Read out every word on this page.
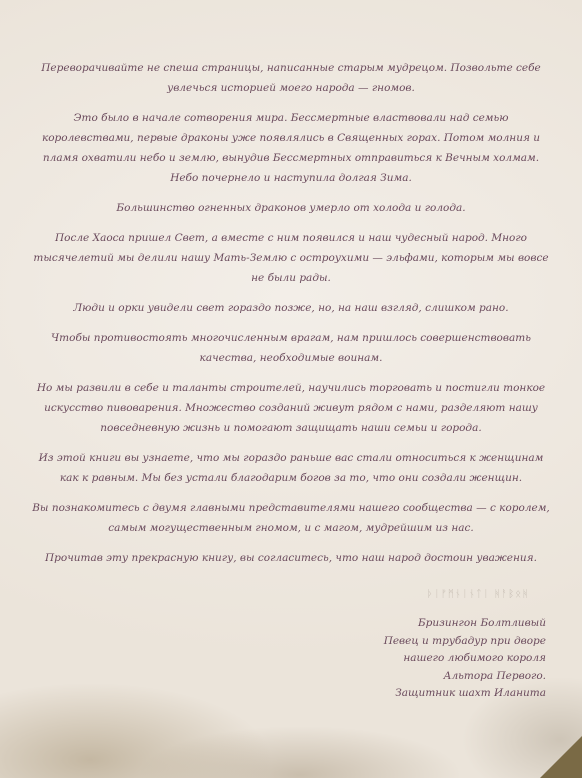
Переворачивайте не спеша страницы, написанные старым мудрецом. Позвольте себе увлечься историей моего народа — гномов.

Это было в начале сотворения мира. Бессмертные властвовали над семью королевствами, первые драконы уже появлялись в Священных горах. Потом молния и пламя охватили небо и землю, вынудив Бессмертных отправиться к Вечным холмам. Небо почернело и наступила долгая Зима.

Большинство огненных драконов умерло от холода и голода.

После Хаоса пришел Свет, а вместе с ним появился и наш чудесный народ. Много тысячелетий мы делили нашу Мать-Землю с остроухими — эльфами, которым мы вовсе не были рады.

Люди и орки увидели свет гораздо позже, но, на наш взгляд, слишком рано.

Чтобы противостоять многочисленным врагам, нам пришлось совершенствовать качества, необходимые воинам.

Но мы развили в себе и таланты строителей, научились торговать и постигли тонкое искусство пивоварения. Множество созданий живут рядом с нами, разделяют нашу повседневную жизнь и помогают защищать наши семьи и города.

Из этой книги вы узнаете, что мы гораздо раньше вас стали относиться к женщинам как к равным. Мы без устали благодарим богов за то, что они создали женщин.

Вы познакомитесь с двумя главными представителями нашего сообщества — с королем, самым могущественным гномом, и с магом, мудрейшим из нас.

Прочитав эту прекрасную книгу, вы согласитесь, что наш народ достоин уважения.

ᚦᛁᚠᛗᚾᛁᚾᛏᛁ ᚻᚨᛒᛟᚻ
Бризингон Болтливый
Певец и трубадур при дворе
нашего любимого короля
Альтора Первого.
Защитник шахт Иланита
